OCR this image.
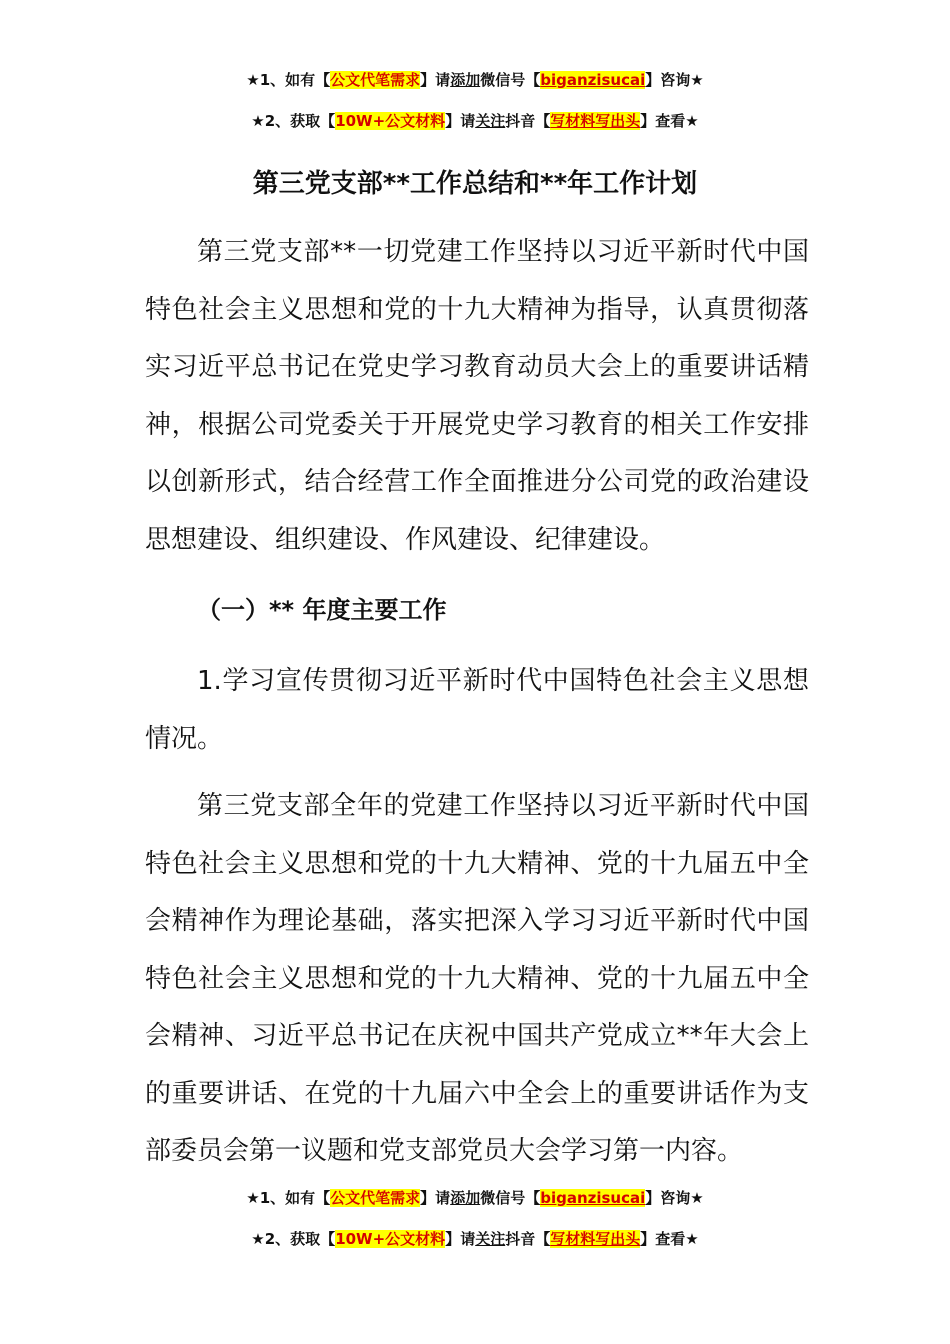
★1、如有【公文代笔需求】请添加微信号【biganzisucai】咨询★
★2、获取【10W+公文材料】请关注抖音【写材料写出头】查看★
第三党支部**工作总结和**年工作计划

第三党支部**一切党建工作坚持以习近平新时代中国特色社会主义思想和党的十九大精神为指导，认真贯彻落实习近平总书记在党史学习教育动员大会上的重要讲话精神，根据公司党委关于开展党史学习教育的相关工作安排以创新形式，结合经营工作全面推进分公司党的政治建设思想建设、组织建设、作风建设、纪律建设。

（一）** 年度主要工作

1.学习宣传贯彻习近平新时代中国特色社会主义思想情况。

第三党支部全年的党建工作坚持以习近平新时代中国特色社会主义思想和党的十九大精神、党的十九届五中全会精神作为理论基础，落实把深入学习习近平新时代中国特色社会主义思想和党的十九大精神、党的十九届五中全会精神、习近平总书记在庆祝中国共产党成立**年大会上的重要讲话、在党的十九届六中全会上的重要讲话作为支部委员会第一议题和党支部党员大会学习第一内容。

★1、如有【公文代笔需求】请添加微信号【biganzisucai】咨询★
★2、获取【10W+公文材料】请关注抖音【写材料写出头】查看★
